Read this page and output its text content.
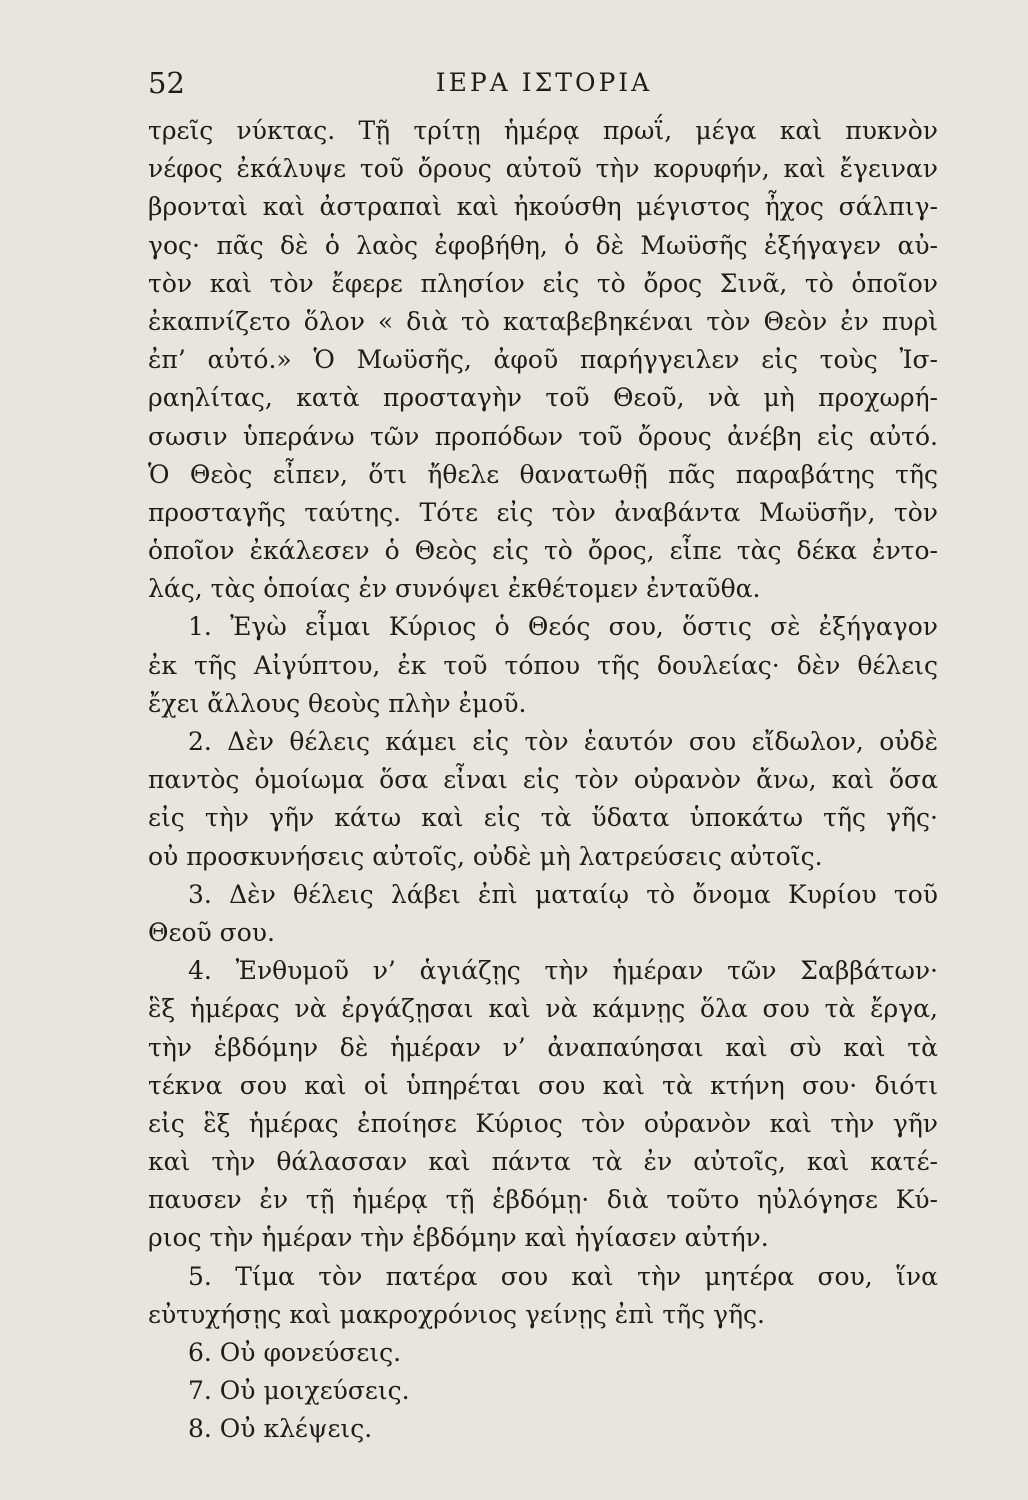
52	ΙΕΡΑ ΙΣΤΟΡΙΑ
τρεῖς νύκτας. Τῇ τρίτῃ ἡμέρᾳ πρωΐ, μέγα καὶ πυκνὸν
νέφος ἐκάλυψε τοῦ ὄρους αὐτοῦ τὴν κορυφήν, καὶ ἔγειναν
βρονταὶ καὶ ἀστραπαὶ καὶ ἠκούσθη μέγιστος ἦχος σάλπιγ-
γος· πᾶς δὲ ὁ λαὸς ἐφοβήθη, ὁ δὲ Μωϋσῆς ἐξήγαγεν αὐ-
τὸν καὶ τὸν ἔφερε πλησίον εἰς τὸ ὄρος Σινᾶ, τὸ ὁποῖον
ἐκαπνίζετο ὅλον « διὰ τὸ καταβεβηκέναι τὸν Θεὸν ἐν πυρὶ
ἐπ’ αὐτό.» Ὁ Μωϋσῆς, ἀφοῦ παρήγγειλεν εἰς τοὺς Ἰσ-
ραηλίτας, κατὰ προσταγὴν τοῦ Θεοῦ, νὰ μὴ προχωρή-
σωσιν ὑπεράνω τῶν προπόδων τοῦ ὄρους ἀνέβη εἰς αὐτό.
Ὁ Θεὸς εἶπεν, ὅτι ἤθελε θανατωθῇ πᾶς παραβάτης τῆς
προσταγῆς ταύτης. Τότε εἰς τὸν ἀναβάντα Μωϋσῆν, τὸν
ὁποῖον ἐκάλεσεν ὁ Θεὸς εἰς τὸ ὄρος, εἶπε τὰς δέκα ἐντο-
λάς, τὰς ὁποίας ἐν συνόψει ἐκθέτομεν ἐνταῦθα.
1. Ἐγὼ εἶμαι Κύριος ὁ Θεός σου, ὅστις σὲ ἐξήγαγον
ἐκ τῆς Αἰγύπτου, ἐκ τοῦ τόπου τῆς δουλείας· δὲν θέλεις
ἔχει ἄλλους θεοὺς πλὴν ἐμοῦ.
2. Δὲν θέλεις κάμει εἰς τὸν ἑαυτόν σου εἴδωλον, οὐδὲ
παντὸς ὁμοίωμα ὅσα εἶναι εἰς τὸν οὐρανὸν ἄνω, καὶ ὅσα
εἰς τὴν γῆν κάτω καὶ εἰς τὰ ὕδατα ὑποκάτω τῆς γῆς·
οὐ προσκυνήσεις αὐτοῖς, οὐδὲ μὴ λατρεύσεις αὐτοῖς.
3. Δὲν θέλεις λάβει ἐπὶ ματαίῳ τὸ ὄνομα Κυρίου τοῦ
Θεοῦ σου.
4. Ἐνθυμοῦ ν’ ἁγιάζῃς τὴν ἡμέραν τῶν Σαββάτων·
ἓξ ἡμέρας νὰ ἐργάζῃσαι καὶ νὰ κάμνῃς ὅλα σου τὰ ἔργα,
τὴν ἑβδόμην δὲ ἡμέραν ν’ ἀναπαύησαι καὶ σὺ καὶ τὰ
τέκνα σου καὶ οἱ ὑπηρέται σου καὶ τὰ κτήνη σου· διότι
εἰς ἓξ ἡμέρας ἐποίησε Κύριος τὸν οὐρανὸν καὶ τὴν γῆν
καὶ τὴν θάλασσαν καὶ πάντα τὰ ἐν αὐτοῖς, καὶ κατέ-
παυσεν ἐν τῇ ἡμέρᾳ τῇ ἑβδόμῃ· διὰ τοῦτο ηὐλόγησε Κύ-
ριος τὴν ἡμέραν τὴν ἑβδόμην καὶ ἡγίασεν αὐτήν.
5. Τίμα τὸν πατέρα σου καὶ τὴν μητέρα σου, ἵνα
εὐτυχήσῃς καὶ μακροχρόνιος γείνῃς ἐπὶ τῆς γῆς.
6. Οὐ φονεύσεις.
7. Οὐ μοιχεύσεις.
8. Οὐ κλέψεις.
